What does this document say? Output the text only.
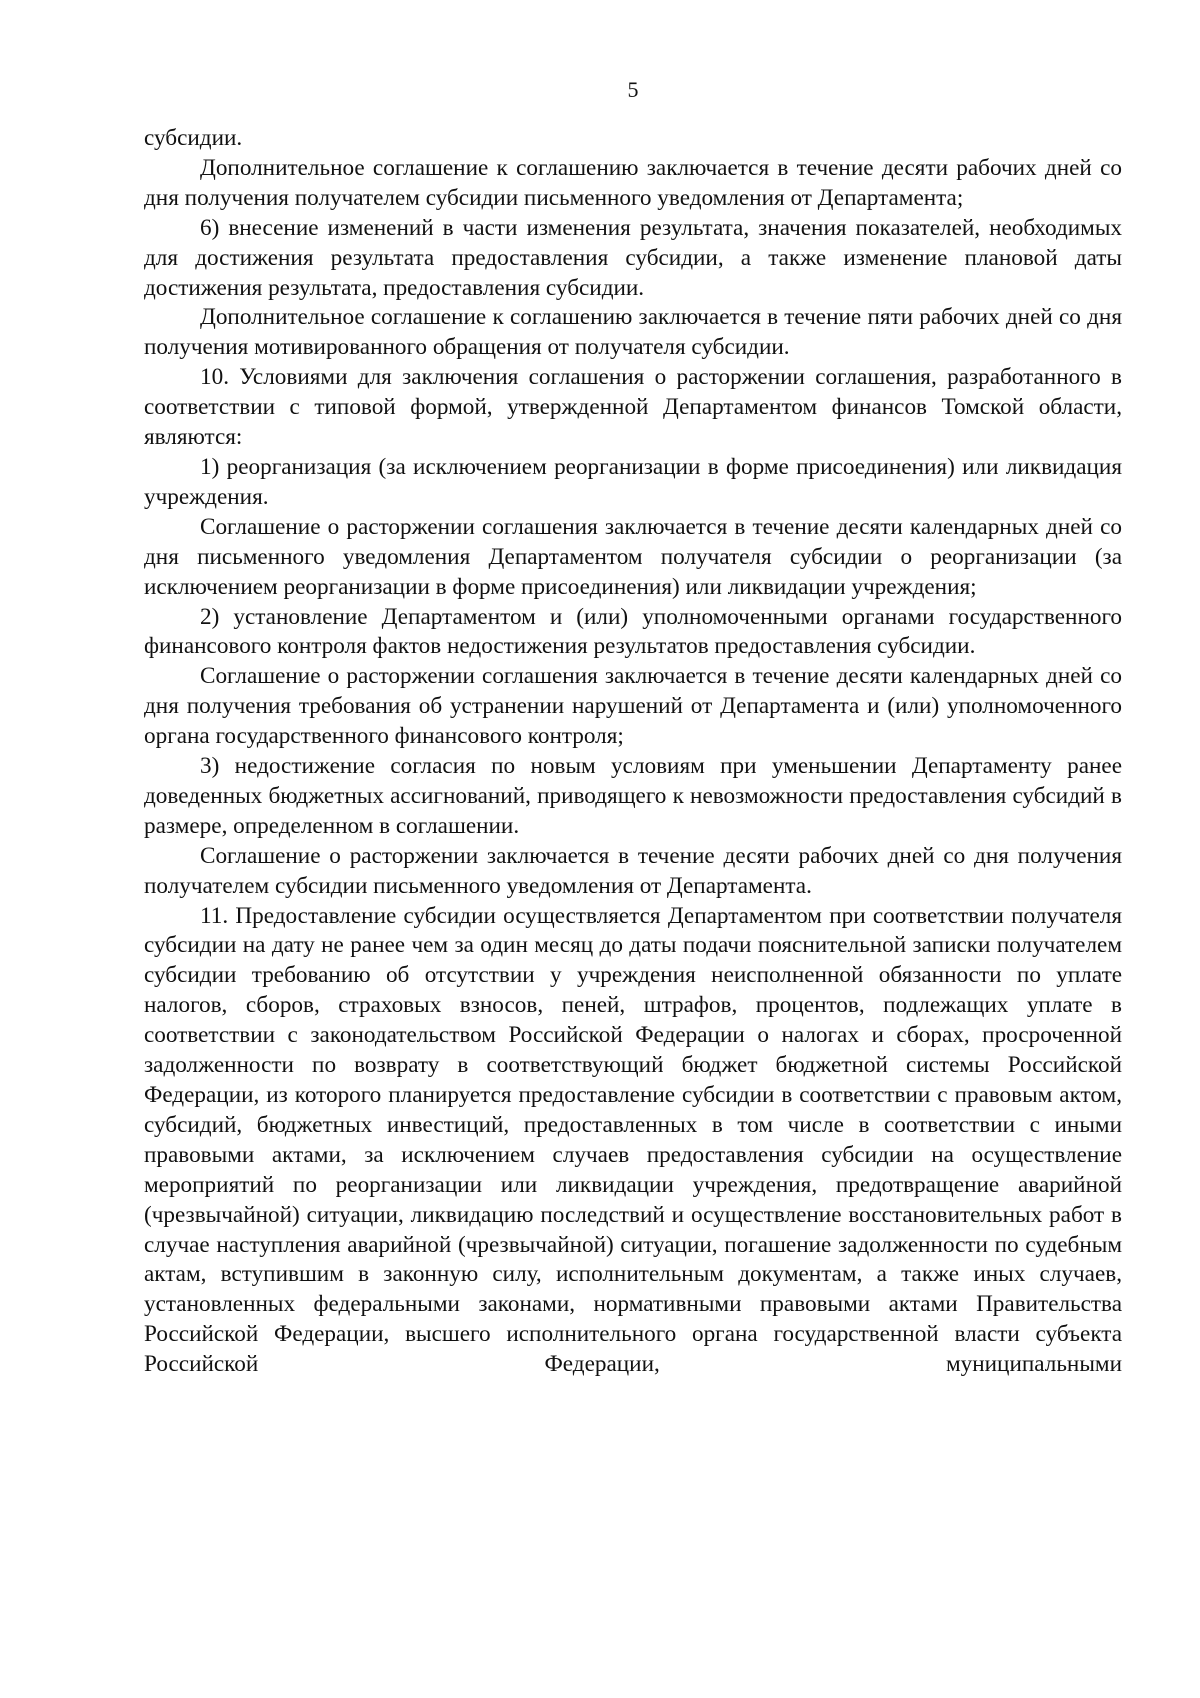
5

субсидии.

Дополнительное соглашение к соглашению заключается в течение десяти рабочих дней со дня получения получателем субсидии письменного уведомления от Департамента;

6) внесение изменений в части изменения результата, значения показателей, необходимых для достижения результата предоставления субсидии, а также изменение плановой даты достижения результата, предоставления субсидии.

Дополнительное соглашение к соглашению заключается в течение пяти рабочих дней со дня получения мотивированного обращения от получателя субсидии.

10. Условиями для заключения соглашения о расторжении соглашения, разработанного в соответствии с типовой формой, утвержденной Департаментом финансов Томской области, являются:

1) реорганизация (за исключением реорганизации в форме присоединения) или ликвидация учреждения.

Соглашение о расторжении соглашения заключается в течение десяти календарных дней со дня письменного уведомления Департаментом получателя субсидии о реорганизации (за исключением реорганизации в форме присоединения) или ликвидации учреждения;

2) установление Департаментом и (или) уполномоченными органами государственного финансового контроля фактов недостижения результатов предоставления субсидии.

Соглашение о расторжении соглашения заключается в течение десяти календарных дней со дня получения требования об устранении нарушений от Департамента и (или) уполномоченного органа государственного финансового контроля;

3) недостижение согласия по новым условиям при уменьшении Департаменту ранее доведенных бюджетных ассигнований, приводящего к невозможности предоставления субсидий в размере, определенном в соглашении.

Соглашение о расторжении заключается в течение десяти рабочих дней со дня получения получателем субсидии письменного уведомления от Департамента.

11. Предоставление субсидии осуществляется Департаментом при соответствии получателя субсидии на дату не ранее чем за один месяц до даты подачи пояснительной записки получателем субсидии требованию об отсутствии у учреждения неисполненной обязанности по уплате налогов, сборов, страховых взносов, пеней, штрафов, процентов, подлежащих уплате в соответствии с законодательством Российской Федерации о налогах и сборах, просроченной задолженности по возврату в соответствующий бюджет бюджетной системы Российской Федерации, из которого планируется предоставление субсидии в соответствии с правовым актом, субсидий, бюджетных инвестиций, предоставленных в том числе в соответствии с иными правовыми актами, за исключением случаев предоставления субсидии на осуществление мероприятий по реорганизации или ликвидации учреждения, предотвращение аварийной (чрезвычайной) ситуации, ликвидацию последствий и осуществление восстановительных работ в случае наступления аварийной (чрезвычайной) ситуации, погашение задолженности по судебным актам, вступившим в законную силу, исполнительным документам, а также иных случаев, установленных федеральными законами, нормативными правовыми актами Правительства Российской Федерации, высшего исполнительного органа государственной власти субъекта Российской Федерации, муниципальными
